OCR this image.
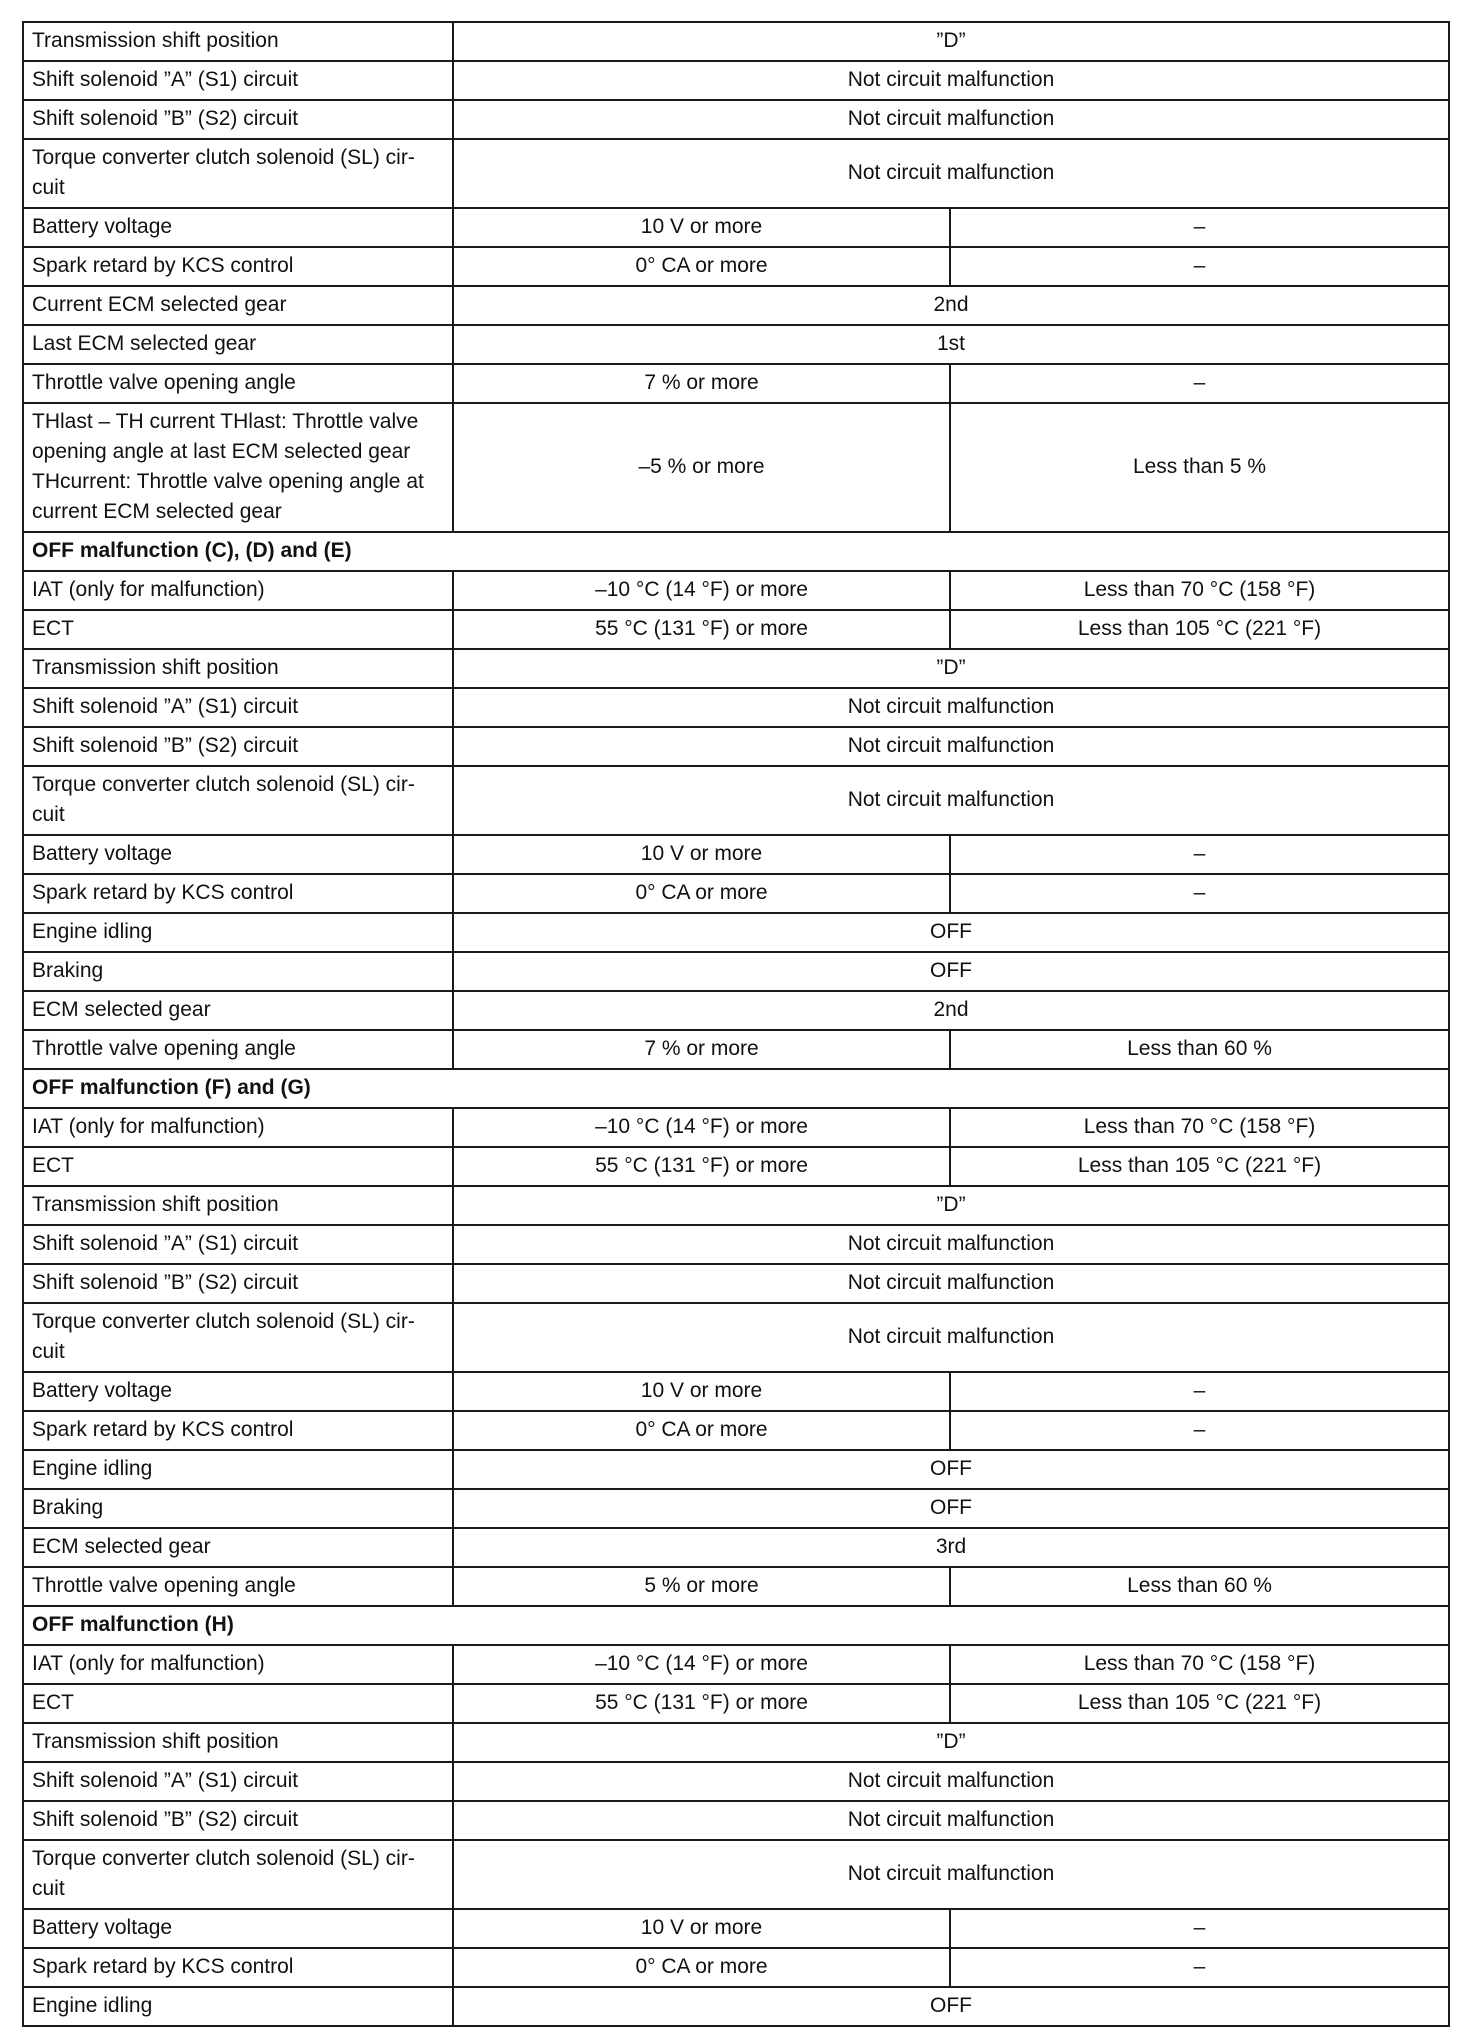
Transmission shift position	”D”	
Shift solenoid ”A” (S1) circuit	Not circuit malfunction	
Shift solenoid ”B” (S2) circuit	Not circuit malfunction	
Torque converter clutch solenoid (SL) cir- cuit	Not circuit malfunction	
Battery voltage	10 V or more	–
Spark retard by KCS control	0° CA or more	–
Current ECM selected gear	2nd	
Last ECM selected gear	1st	
Throttle valve opening angle	7 % or more	–
THlast – TH current THlast: Throttle valve opening angle at last ECM selected gear THcurrent: Throttle valve opening angle at current ECM selected gear	–5 % or more	Less than 5 %
OFF malfunction (C), (D) and (E)		
IAT (only for malfunction)	–10 °C (14 °F) or more	Less than 70 °C (158 °F)
ECT	55 °C (131 °F) or more	Less than 105 °C (221 °F)
Transmission shift position	”D”	
Shift solenoid ”A” (S1) circuit	Not circuit malfunction	
Shift solenoid ”B” (S2) circuit	Not circuit malfunction	
Torque converter clutch solenoid (SL) cir- cuit	Not circuit malfunction	
Battery voltage	10 V or more	–
Spark retard by KCS control	0° CA or more	–
Engine idling	OFF	
Braking	OFF	
ECM selected gear	2nd	
Throttle valve opening angle	7 % or more	Less than 60 %
OFF malfunction (F) and (G)		
IAT (only for malfunction)	–10 °C (14 °F) or more	Less than 70 °C (158 °F)
ECT	55 °C (131 °F) or more	Less than 105 °C (221 °F)
Transmission shift position	”D”	
Shift solenoid ”A” (S1) circuit	Not circuit malfunction	
Shift solenoid ”B” (S2) circuit	Not circuit malfunction	
Torque converter clutch solenoid (SL) cir- cuit	Not circuit malfunction	
Battery voltage	10 V or more	–
Spark retard by KCS control	0° CA or more	–
Engine idling	OFF	
Braking	OFF	
ECM selected gear	3rd	
Throttle valve opening angle	5 % or more	Less than 60 %
OFF malfunction (H)		
IAT (only for malfunction)	–10 °C (14 °F) or more	Less than 70 °C (158 °F)
ECT	55 °C (131 °F) or more	Less than 105 °C (221 °F)
Transmission shift position	”D”	
Shift solenoid ”A” (S1) circuit	Not circuit malfunction	
Shift solenoid ”B” (S2) circuit	Not circuit malfunction	
Torque converter clutch solenoid (SL) cir- cuit	Not circuit malfunction	
Battery voltage	10 V or more	–
Spark retard by KCS control	0° CA or more	–
Engine idling	OFF	
